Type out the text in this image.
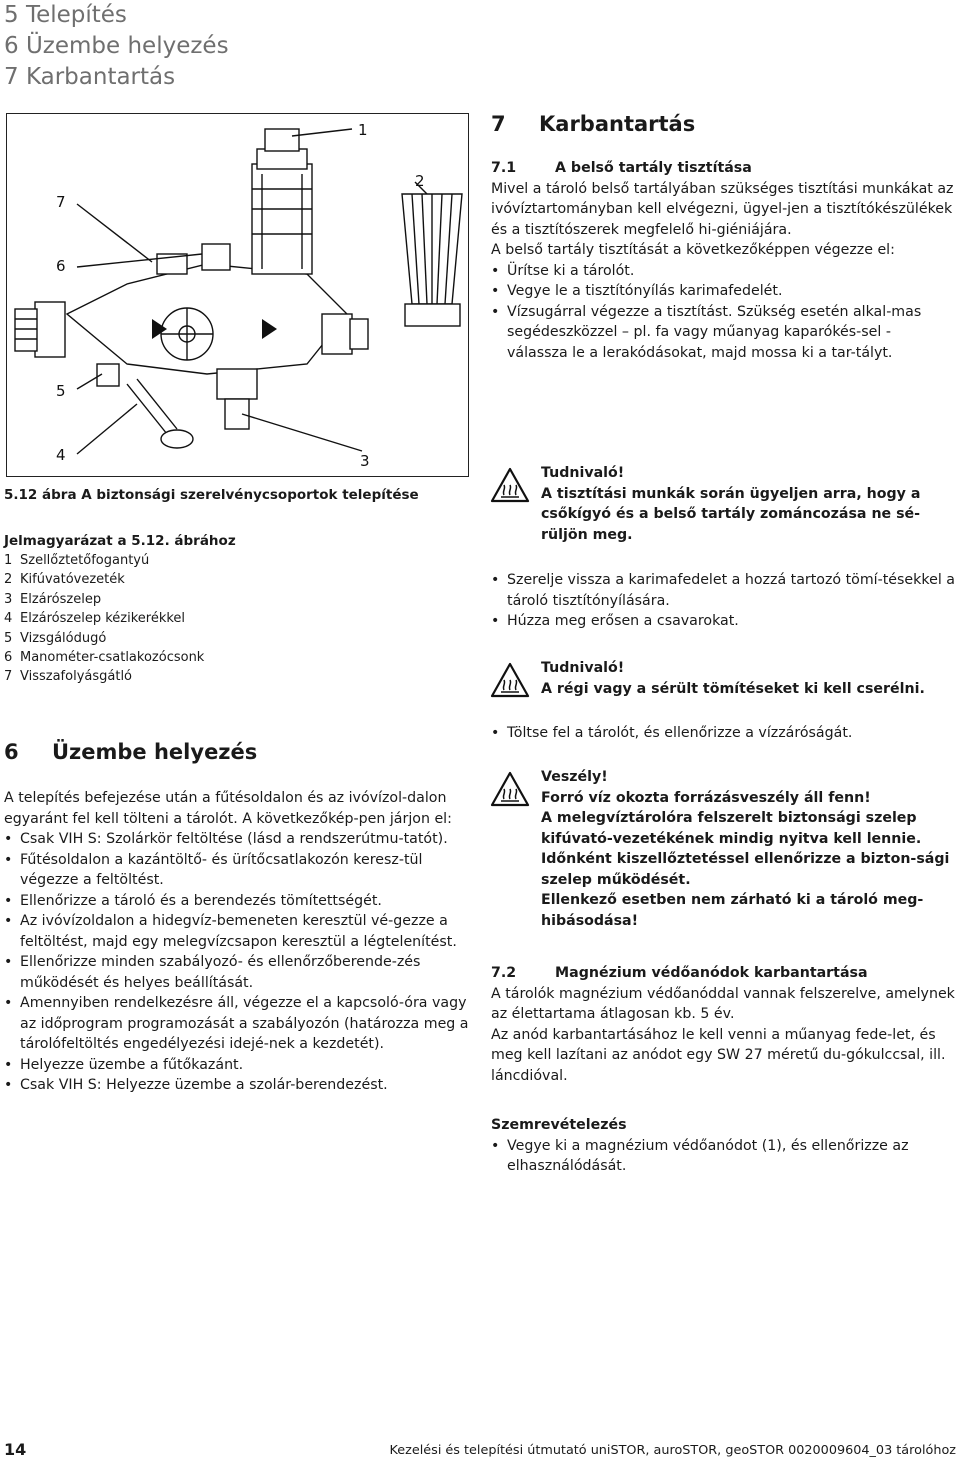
5 Telepítés
6 Üzembe helyezés
7 Karbantartás
1
2
3
4
5
6
7
5.12 ábra A biztonsági szerelvénycsoportok telepítése
Jelmagyarázat a 5.12. ábrához
1 Szellőztetőfogantyú
2 Kifúvatóvezeték
3 Elzárószelep
4 Elzárószelep kézikerékkel
5 Vizsgálódugó
6 Manométer-csatlakozócsonk
7 Visszafolyásgátló
6 Üzembe helyezés

A telepítés befejezése után a fűtésoldalon és az ivóvízol-dalon egyaránt fel kell tölteni a tárolót. A következőkép-pen járjon el:

• Csak VIH S: Szolárkör feltöltése (lásd a rendszerútmu-tatót).
• Fűtésoldalon a kazántöltő- és ürítőcsatlakozón keresz-tül végezze a feltöltést.
• Ellenőrizze a tároló és a berendezés tömítettségét.
• Az ivóvízoldalon a hidegvíz-bemeneten keresztül vé-gezze a feltöltést, majd egy melegvízcsapon keresztül a légtelenítést.
• Ellenőrizze minden szabályozó- és ellenőrzőberende-zés működését és helyes beállítását.
• Amennyiben rendelkezésre áll, végezze el a kapcsoló-óra vagy az időprogram programozását a szabályozón (határozza meg a tárolófeltöltés engedélyezési idejé-nek a kezdetét).
• Helyezze üzembe a fűtőkazánt.
• Csak VIH S: Helyezze üzembe a szolár-berendezést.
7 Karbantartás
7.1	A belső tartály tisztítása

Mivel a tároló belső tartályában szükséges tisztítási munkákat az ivóvíztartományban kell elvégezni, ügyel-jen a tisztítókészülékek és a tisztítószerek megfelelő hi-giéniájára.

A belső tartály tisztítását a következőképpen végezze el:

• Ürítse ki a tárolót.
• Vegye le a tisztítónyílás karimafedelét.
• Vízsugárral végezze a tisztítást. Szükség esetén alkal-mas segédeszközzel – pl. fa vagy műanyag kaparókés-sel - válassza le a lerakódásokat, majd mossa ki a tar-tályt.
Tudnivaló!
A tisztítási munkák során ügyeljen arra, hogy a csőkígyó és a belső tartály zománcozása ne sé-rüljön meg.
• Szerelje vissza a karimafedelet a hozzá tartozó tömí-tésekkel a tároló tisztítónyílására.
• Húzza meg erősen a csavarokat.
Tudnivaló!
A régi vagy a sérült tömítéseket ki kell cserélni.
• Töltse fel a tárolót, és ellenőrizze a vízzáróságát.
Veszély!
Forró víz okozta forrázásveszély áll fenn!
A melegvíztárolóra felszerelt biztonsági szelep kifúvató-vezetékének mindig nyitva kell lennie. Időnként kiszellőztetéssel ellenőrizze a bizton-sági szelep működését.
Ellenkező esetben nem zárható ki a tároló meg-hibásodása!
7.2	Magnézium védőanódok karbantartása

A tárolók magnézium védőanóddal vannak felszerelve, amelynek az élettartama átlagosan kb. 5 év.

Az anód karbantartásához le kell venni a műanyag fede-let, és meg kell lazítani az anódot egy SW 27 méretű du-gókulccsal, ill. láncdióval.

Szemrevételezés
• Vegye ki a magnézium védőanódot (1), és ellenőrizze az elhasználódását.
14	Kezelési és telepítési útmutató uniSTOR, auroSTOR, geoSTOR 0020009604_03 tárolóhoz
